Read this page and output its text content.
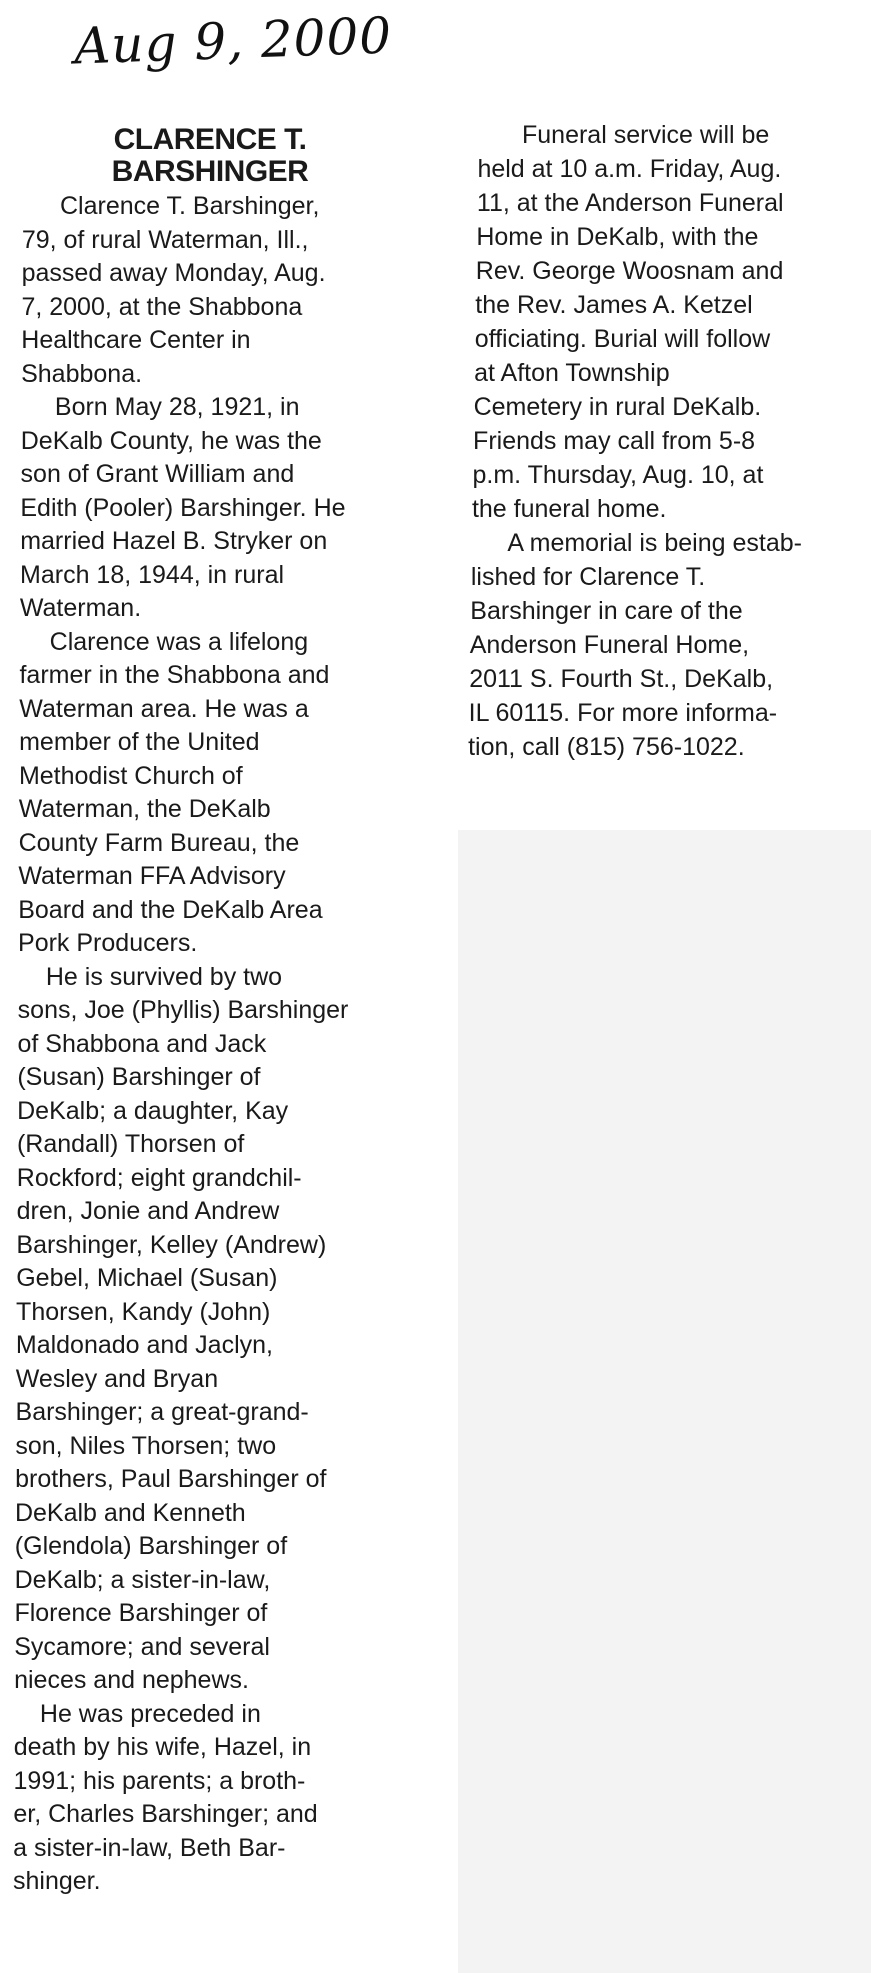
Aug 9, 2000
CLARENCE T.
BARSHINGER
Clarence T. Barshinger,
79, of rural Waterman, Ill.,
passed away Monday, Aug.
7, 2000, at the Shabbona
Healthcare Center in
Shabbona.
Born May 28, 1921, in
DeKalb County, he was the
son of Grant William and
Edith (Pooler) Barshinger. He
married Hazel B. Stryker on
March 18, 1944, in rural
Waterman.
Clarence was a lifelong
farmer in the Shabbona and
Waterman area. He was a
member of the United
Methodist Church of
Waterman, the DeKalb
County Farm Bureau, the
Waterman FFA Advisory
Board and the DeKalb Area
Pork Producers.
He is survived by two
sons, Joe (Phyllis) Barshinger
of Shabbona and Jack
(Susan) Barshinger of
DeKalb; a daughter, Kay
(Randall) Thorsen of
Rockford; eight grandchil-
dren, Jonie and Andrew
Barshinger, Kelley (Andrew)
Gebel, Michael (Susan)
Thorsen, Kandy (John)
Maldonado and Jaclyn,
Wesley and Bryan
Barshinger; a great-grand-
son, Niles Thorsen; two
brothers, Paul Barshinger of
DeKalb and Kenneth
(Glendola) Barshinger of
DeKalb; a sister-in-law,
Florence Barshinger of
Sycamore; and several
nieces and nephews.
He was preceded in
death by his wife, Hazel, in
1991; his parents; a broth-
er, Charles Barshinger; and
a sister-in-law, Beth Bar-
shinger.
Funeral service will be
held at 10 a.m. Friday, Aug.
11, at the Anderson Funeral
Home in DeKalb, with the
Rev. George Woosnam and
the Rev. James A. Ketzel
officiating. Burial will follow
at Afton Township
Cemetery in rural DeKalb.
Friends may call from 5-8
p.m. Thursday, Aug. 10, at
the funeral home.
A memorial is being estab-
lished for Clarence T.
Barshinger in care of the
Anderson Funeral Home,
2011 S. Fourth St., DeKalb,
IL 60115. For more informa-
tion, call (815) 756-1022.
